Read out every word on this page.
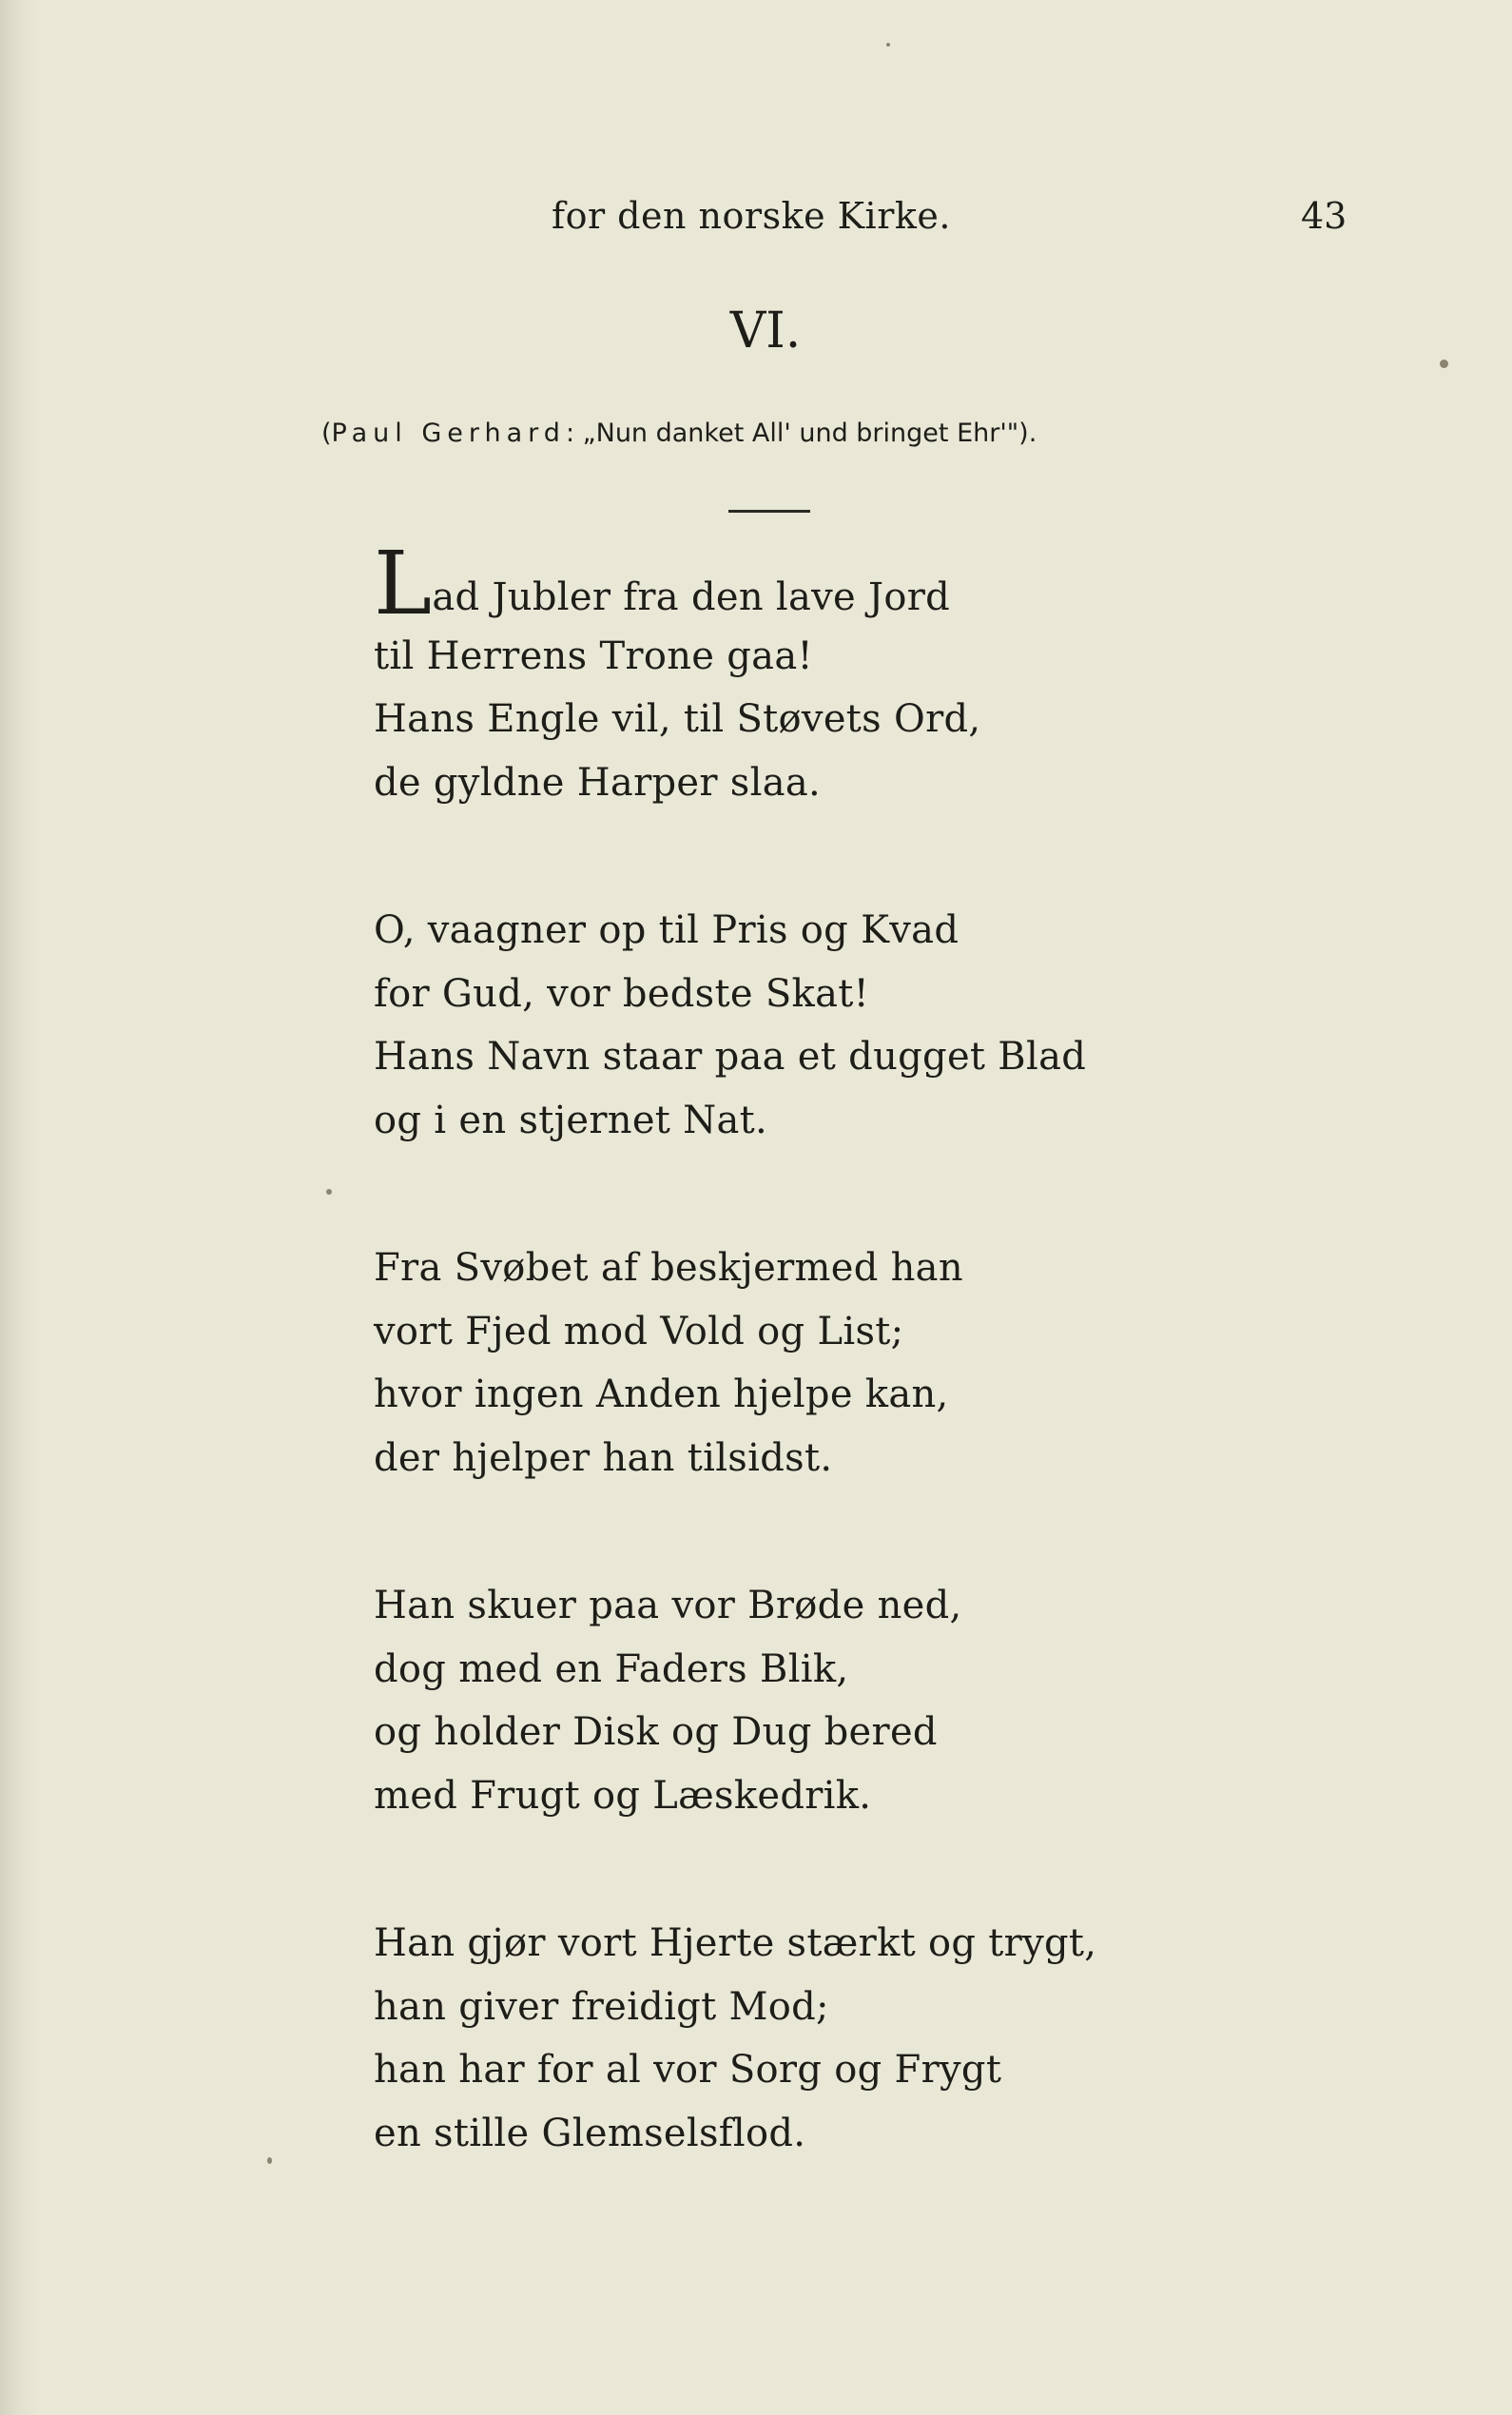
for den norske Kirke.	43
VI.
(Paul Gerhard: „Nun danket All' und bringet Ehr'").
Lad Jubler fra den lave Jord
til Herrens Trone gaa!
Hans Engle vil, til Støvets Ord,
de gyldne Harper slaa.
O, vaagner op til Pris og Kvad
for Gud, vor bedste Skat!
Hans Navn staar paa et dugget Blad
og i en stjernet Nat.
Fra Svøbet af beskjermed han
vort Fjed mod Vold og List;
hvor ingen Anden hjelpe kan,
der hjelper han tilsidst.
Han skuer paa vor Brøde ned,
dog med en Faders Blik,
og holder Disk og Dug bered
med Frugt og Læskedrik.
Han gjør vort Hjerte stærkt og trygt,
han giver freidigt Mod;
han har for al vor Sorg og Frygt
en stille Glemselsflod.
